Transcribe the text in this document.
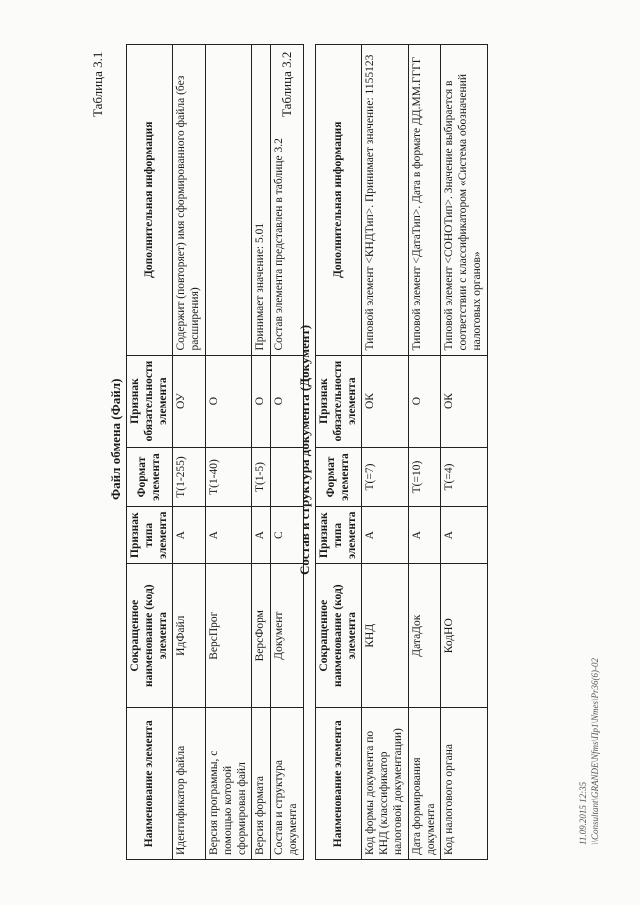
Таблица 3.1
Файл обмена (Файл)
Наименование элемента	Сокращенное наименование (код) элемента	Признак типа элемента	Формат элемента	Признак обязательности элемента	Дополнительная информация
Идентификатор файла	ИдФайл	А	T(1-255)	ОУ	Содержит (повторяет) имя сформированного файла (без расширения)
Версия программы, с помощью которой сформирован файл	ВерсПрог	А	T(1-40)	О	
Версия формата	ВерсФорм	А	T(1-5)	О	Принимает значение: 5.01
Состав и структура документа	Документ	С		О	Состав элемента представлен в таблице 3.2
Таблица 3.2
Состав и структура документа (Документ)
Наименование элемента	Сокращенное наименование (код) элемента	Признак типа элемента	Формат элемента	Признак обязательности элемента	Дополнительная информация
Код формы документа по КНД (классификатор налоговой документации)	КНД	А	T(=7)	ОК	Типовой элемент <КНДТип>. Принимает значение: 1155123
Дата формирования документа	ДатаДок	А	T(=10)	О	Типовой элемент <ДатаТип>. Дата в формате ДД.ММ.ГГГГ
Код налогового органа	КодНО	А	T(=4)	ОК	Типовой элемент <СОНОТип>. Значение выбирается в соответствии с классификатором «Система обозначений налоговых органов»
11.09.2015 12:35 \\Consultant\GRANDE\Nfms\Пр1\Nmes\Pr36(6)-02
